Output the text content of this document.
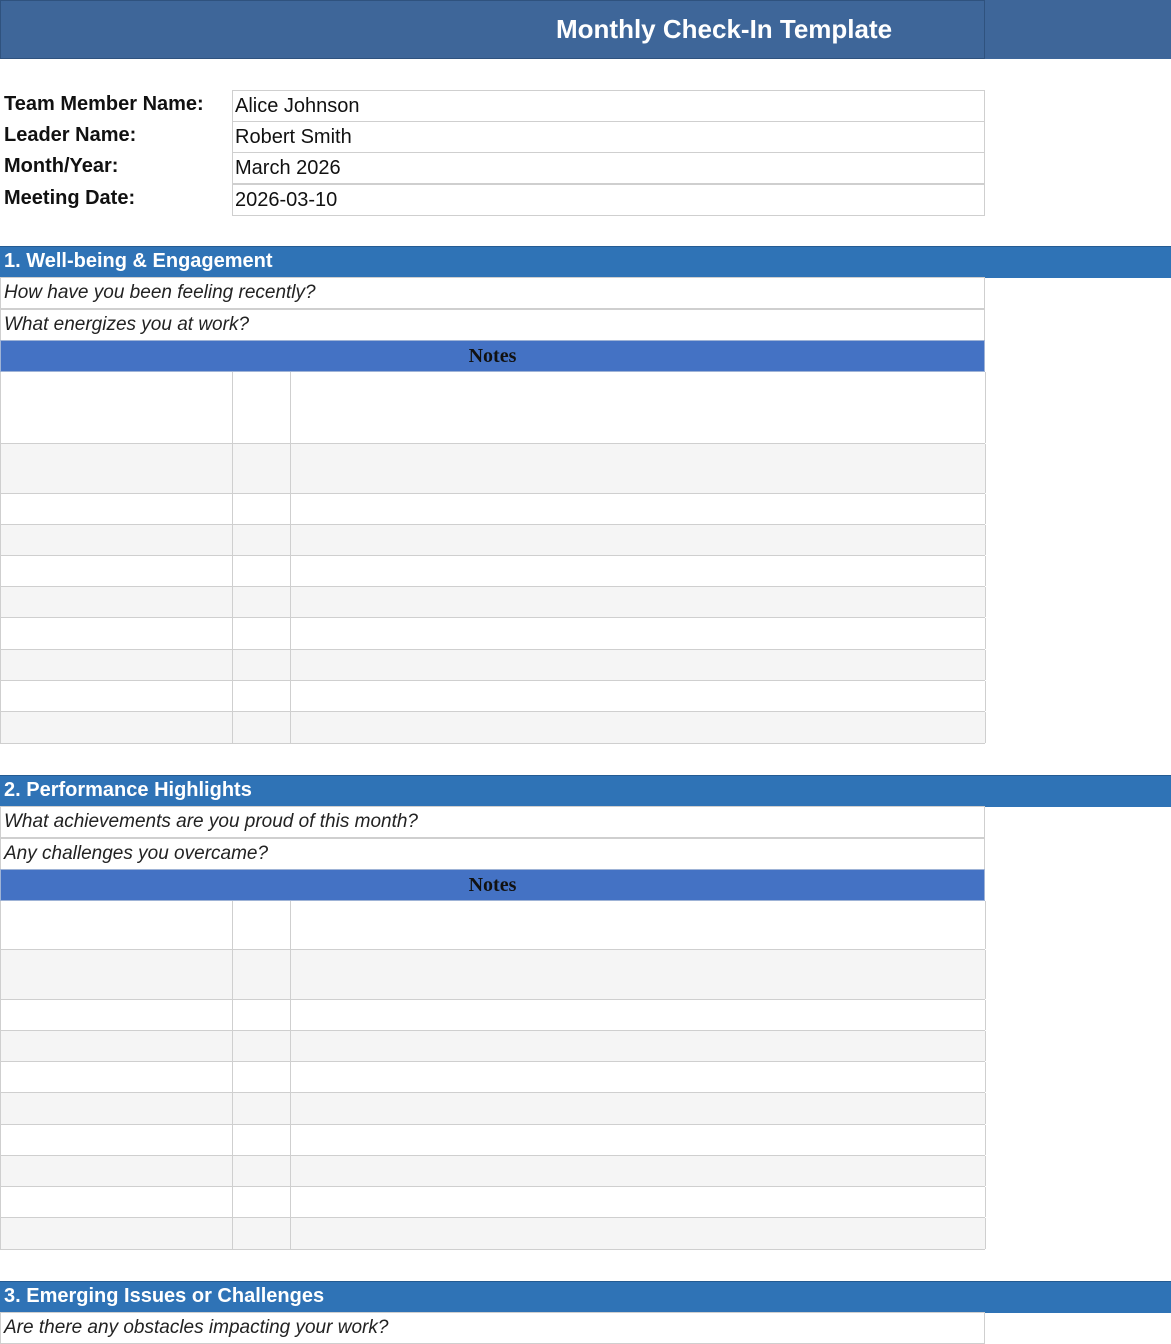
Monthly Check-In Template
Team Member Name: Alice Johnson
Leader Name:	Robert Smith
Month/Year:	March 2026
Meeting Date:	2026-03-10
1. Well-being & Engagement
How have you been feeling recently?
What energizes you at work?
Notes
2. Performance Highlights
What achievements are you proud of this month?
Any challenges you overcame?
Notes
3. Emerging Issues or Challenges
Are there any obstacles impacting your work?
